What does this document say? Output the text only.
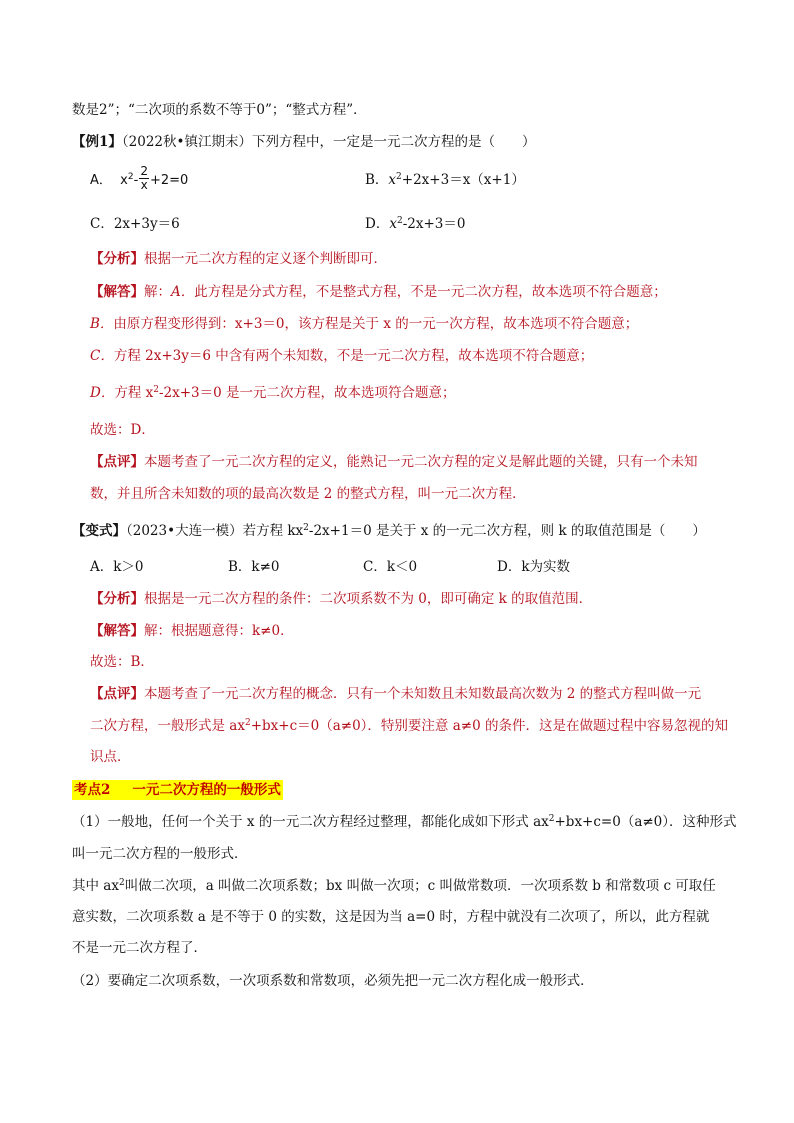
数是2”；“二次项的系数不等于0”；“整式方程”．
【例1】（2022秋•镇江期末）下列方程中，一定是一元二次方程的是（　　）
A． $x^2- \frac{2}{x} +2=0$	B．$x^2+2x+3=x(x+1)$
C．2x+3y＝6	D．$x^2-2x+3=0$
【分析】根据一元二次方程的定义逐个判断即可．
【解答】解：A．此方程是分式方程，不是整式方程，不是一元二次方程，故本选项不符合题意；
B．由原方程变形得到：x+3＝0，该方程是关于 x 的一元一次方程，故本选项不符合题意；
C．方程 2x+3y＝6 中含有两个未知数，不是一元二次方程，故本选项不符合题意；
D．方程 $x^2-2x+3=0$ 是一元二次方程，故本选项符合题意；
故选：D．
【点评】本题考查了一元二次方程的定义，能熟记一元二次方程的定义是解此题的关键，只有一个未知
数，并且所含未知数的项的最高次数是 2 的整式方程，叫一元二次方程．
【变式】（2023•大连一模）若方程 $kx^2-2x+1=0$ 是关于 x 的一元二次方程，则 k 的取值范围是（　　）
A．k＞0	B．k≠0	C．k＜0	D．k为实数
【分析】根据是一元二次方程的条件：二次项系数不为 0，即可确定 k 的取值范围．
【解答】解：根据题意得：k≠0．
故选：B．
【点评】本题考查了一元二次方程的概念．只有一个未知数且未知数最高次数为 2 的整式方程叫做一元
二次方程，一般形式是 $ax^2+bx+c=0(a\ne 0)$．特别要注意 a≠0 的条件．这是在做题过程中容易忽视的知
识点．
考点2 一元二次方程的一般形式
（1）一般地，任何一个关于 x 的一元二次方程经过整理，都能化成如下形式 $ax^2+bx+c=0(a\ne 0)$．这种形式
叫一元二次方程的一般形式．
其中 $ax^2$叫做二次项，a 叫做二次项系数；bx 叫做一次项；c 叫做常数项．一次项系数 b 和常数项 c 可取任
意实数，二次项系数 a 是不等于 0 的实数，这是因为当 a=0 时，方程中就没有二次项了，所以，此方程就
不是一元二次方程了．
（2）要确定二次项系数，一次项系数和常数项，必须先把一元二次方程化成一般形式．
